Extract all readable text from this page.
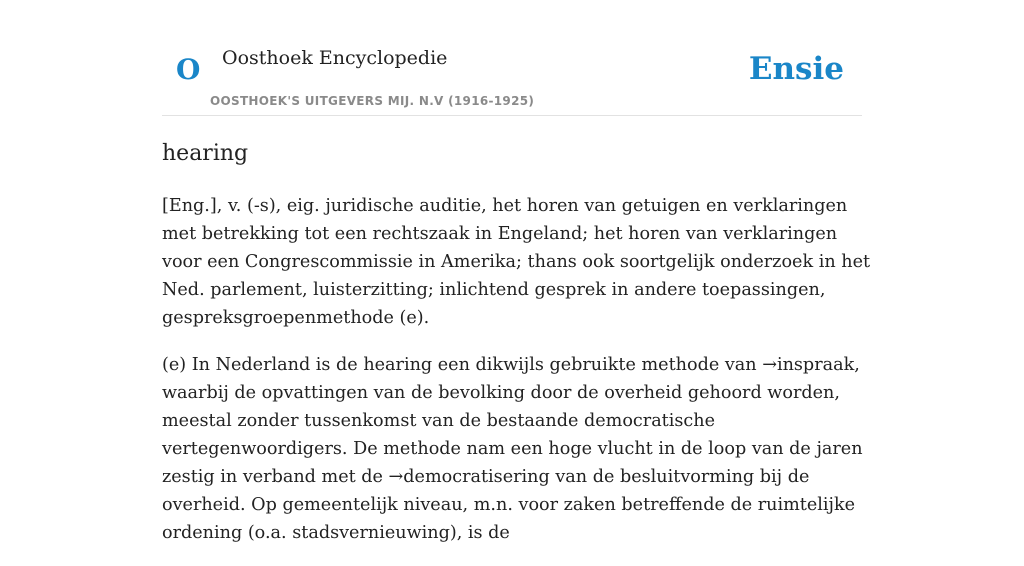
O Oosthoek Encyclopedie
OOSTHOEK'S UITGEVERS MIJ. N.V (1916-1925)
Ensie
hearing

[Eng.], v. (-s), eig. juridische auditie, het horen van getuigen en verklaringen met betrekking tot een rechtszaak in Engeland; het horen van verklaringen voor een Congrescommissie in Amerika; thans ook soortgelijk onderzoek in het Ned. parlement, luisterzitting; inlichtend gesprek in andere toepassingen, gespreksgroepenmethode (e).

(e) In Nederland is de hearing een dikwijls gebruikte methode van →inspraak, waarbij de opvattingen van de bevolking door de overheid gehoord worden, meestal zonder tussenkomst van de bestaande democratische vertegenwoordigers. De methode nam een hoge vlucht in de loop van de jaren zestig in verband met de →democratisering van de besluitvorming bij de overheid. Op gemeentelijk niveau, m.n. voor zaken betreffende de ruimtelijke ordening (o.a. stadsvernieuwing), is de
